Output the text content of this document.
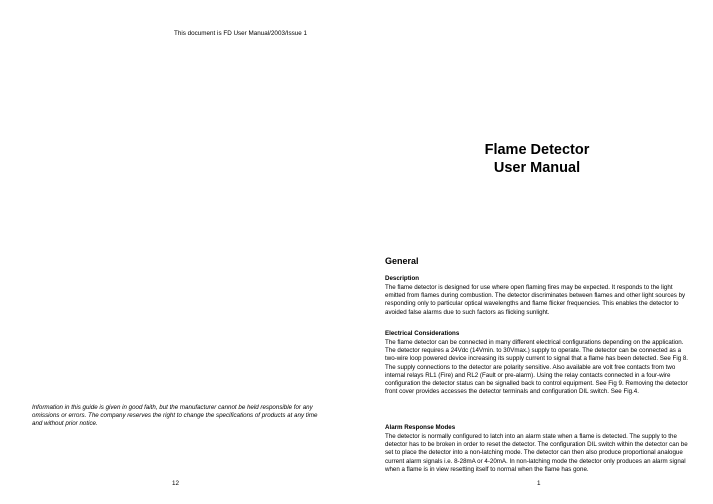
This document is FD User Manual/2003/Issue 1
Information in this guide is given in good faith, but the manufacturer cannot be held responsible for any omissions or errors. The company reserves the right to change the specifications of products at any time and without prior notice.
12
Flame Detector
User Manual
General
Description

The flame detector is designed for use where open flaming fires may be expected. It responds to the light emitted from flames during combustion. The detector discriminates between flames and other light sources by responding only to particular optical wavelengths and flame flicker frequencies. This enables the detector to avoided false alarms due to such factors as flicking sunlight.

Electrical Considerations

The flame detector can be connected in many different electrical configurations depending on the application. The detector requires a 24Vdc (14Vmin. to 30Vmax.) supply to operate. The detector can be connected as a two-wire loop powered device increasing its supply current to signal that a flame has been detected. See Fig 8. The supply connections to the detector are polarity sensitive. Also available are volt free contacts from two internal relays RL1 (Fire) and RL2 (Fault or pre-alarm). Using the relay contacts connected in a four-wire configuration the detector status can be signalled back to control equipment. See Fig 9. Removing the detector front cover provides accesses the detector terminals and configuration DIL switch. See Fig.4.

Alarm Response Modes

The detector is normally configured to latch into an alarm state when a flame is detected. The supply to the detector has to be broken in order to reset the detector. The configuration DIL switch within the detector can be set to place the detector into a non-latching mode. The detector can then also produce proportional analogue current alarm signals i.e. 8-28mA or 4-20mA. In non-latching mode the detector only produces an alarm signal when a flame is in view resetting itself to normal when the flame has gone.

1
